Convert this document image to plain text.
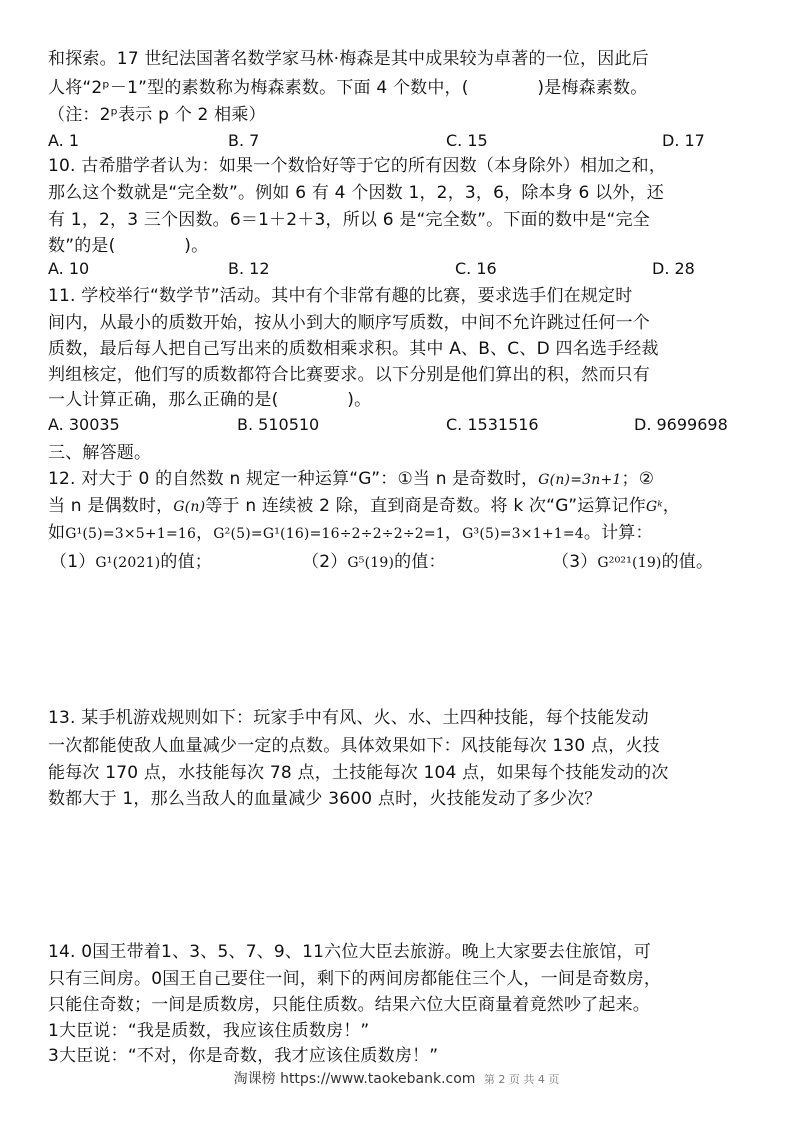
和探索。17 世纪法国著名数学家马林·梅森是其中成果较为卓著的一位，因此后
人将“2ᵖ－1”型的素数称为梅森素数。下面 4 个数中，(　　　　)是梅森素数。
（注：2ᵖ表示 p 个 2 相乘）
A. 1	B. 7	C. 15	D. 17
10. 古希腊学者认为：如果一个数恰好等于它的所有因数（本身除外）相加之和，
那么这个数就是“完全数”。例如 6 有 4 个因数 1，2，3，6，除本身 6 以外，还
有 1，2，3 三个因数。6＝1＋2＋3，所以 6 是“完全数”。下面的数中是“完全
数”的是(　　　　)。
A. 10	B. 12	C. 16	D. 28
11. 学校举行“数学节”活动。其中有个非常有趣的比赛，要求选手们在规定时
间内，从最小的质数开始，按从小到大的顺序写质数，中间不允许跳过任何一个
质数，最后每人把自己写出来的质数相乘求积。其中 A、B、C、D 四名选手经裁
判组核定，他们写的质数都符合比赛要求。以下分别是他们算出的积，然而只有
一人计算正确，那么正确的是(　　　　)。
A. 30035	B. 510510	C. 1531516	D. 9699698
三、解答题。
12. 对大于 0 的自然数 n 规定一种运算“G”：①当 n 是奇数时，G(n)=3n+1；②
当 n 是偶数时，G(n)等于 n 连续被 2 除，直到商是奇数。将 k 次“G”运算记作Gᵏ，
如G¹(5)=3×5+1=16，G²(5)=G¹(16)=16÷2÷2÷2÷2=1，G³(5)=3×1+1=4。计算：
（1）G¹(2021)的值；	（2）G⁵(19)的值：	（3）G²⁰²¹(19)的值。
13. 某手机游戏规则如下：玩家手中有风、火、水、土四种技能，每个技能发动
一次都能使敌人血量减少一定的点数。具体效果如下：风技能每次 130 点，火技
能每次 170 点，水技能每次 78 点，土技能每次 104 点，如果每个技能发动的次
数都大于 1，那么当敌人的血量减少 3600 点时，火技能发动了多少次？
14. 0国王带着1、3、5、7、9、11六位大臣去旅游。晚上大家要去住旅馆，可
只有三间房。0国王自己要住一间，剩下的两间房都能住三个人，一间是奇数房，
只能住奇数；一间是质数房，只能住质数。结果六位大臣商量着竟然吵了起来。
1大臣说：“我是质数，我应该住质数房！”
3大臣说：“不对，你是奇数，我才应该住质数房！”
淘课榜 https://www.taokebank.com 第 2 页 共 4 页
